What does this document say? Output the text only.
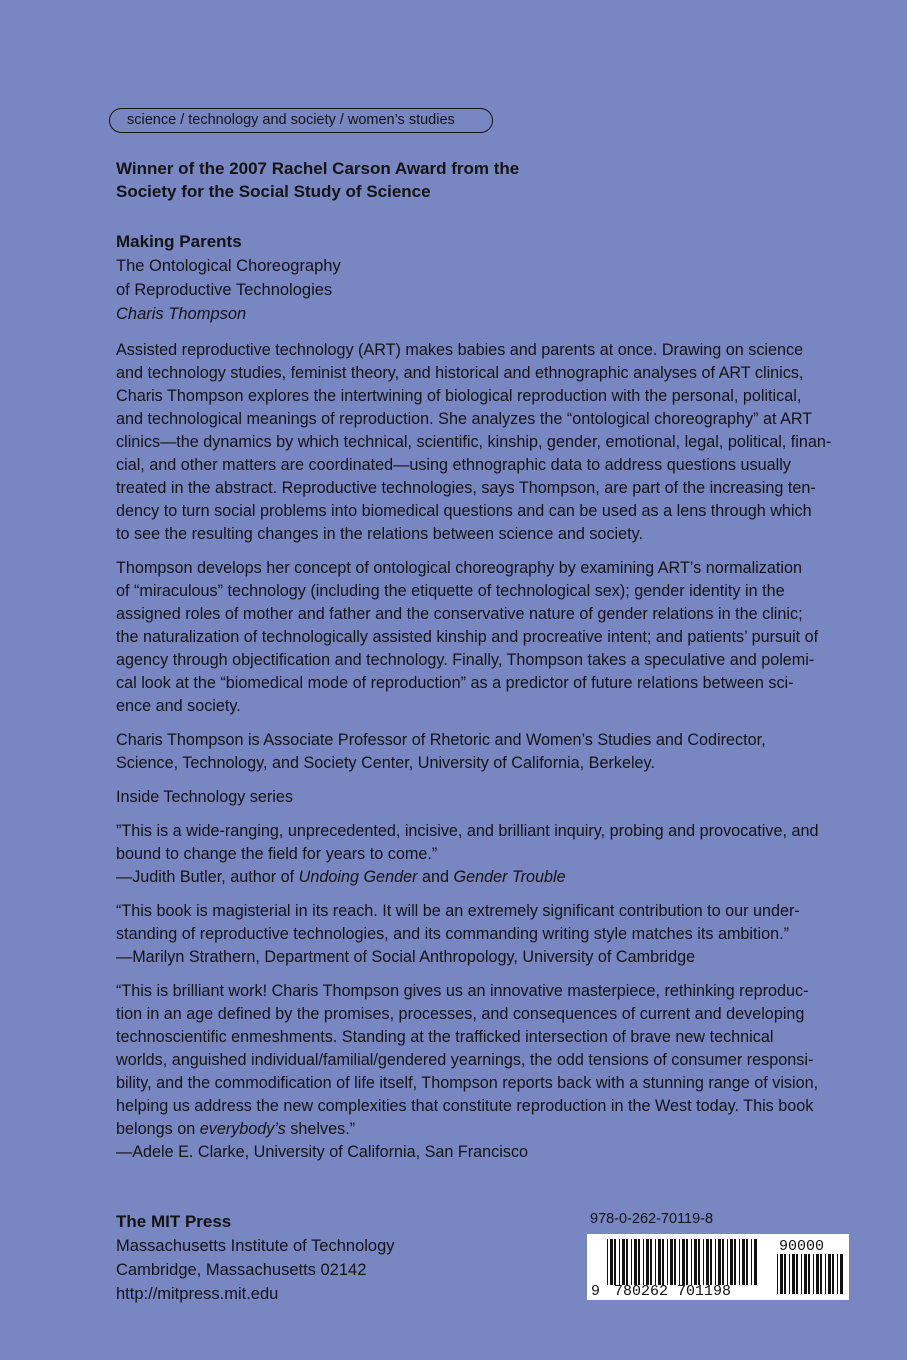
science / technology and society / women’s studies
Winner of the 2007 Rachel Carson Award from the
Society for the Social Study of Science
Making Parents
The Ontological Choreography
of Reproductive Technologies
Charis Thompson

Assisted reproductive technology (ART) makes babies and parents at once. Drawing on science
and technology studies, feminist theory, and historical and ethnographic analyses of ART clinics,
Charis Thompson explores the intertwining of biological reproduction with the personal, political,
and technological meanings of reproduction. She analyzes the “ontological choreography” at ART
clinics—the dynamics by which technical, scientific, kinship, gender, emotional, legal, political, finan-
cial, and other matters are coordinated—using ethnographic data to address questions usually
treated in the abstract. Reproductive technologies, says Thompson, are part of the increasing ten-
dency to turn social problems into biomedical questions and can be used as a lens through which
to see the resulting changes in the relations between science and society.

Thompson develops her concept of ontological choreography by examining ART’s normalization
of “miraculous” technology (including the etiquette of technological sex); gender identity in the
assigned roles of mother and father and the conservative nature of gender relations in the clinic;
the naturalization of technologically assisted kinship and procreative intent; and patients’ pursuit of
agency through objectification and technology. Finally, Thompson takes a speculative and polemi-
cal look at the “biomedical mode of reproduction” as a predictor of future relations between sci-
ence and society.

Charis Thompson is Associate Professor of Rhetoric and Women’s Studies and Codirector,
Science, Technology, and Society Center, University of California, Berkeley.

Inside Technology series

”This is a wide-ranging, unprecedented, incisive, and brilliant inquiry, probing and provocative, and
bound to change the field for years to come.”
—Judith Butler, author of Undoing Gender and Gender Trouble

“This book is magisterial in its reach. It will be an extremely significant contribution to our under-
standing of reproductive technologies, and its commanding writing style matches its ambition.”
—Marilyn Strathern, Department of Social Anthropology, University of Cambridge

“This is brilliant work! Charis Thompson gives us an innovative masterpiece, rethinking reproduc-
tion in an age defined by the promises, processes, and consequences of current and developing
technoscientific enmeshments. Standing at the trafficked intersection of brave new technical
worlds, anguished individual/familial/gendered yearnings, the odd tensions of consumer responsi-
bility, and the commodification of life itself, Thompson reports back with a stunning range of vision,
helping us address the new complexities that constitute reproduction in the West today. This book
belongs on everybody’s shelves.”
—Adele E. Clarke, University of California, San Francisco

The MIT Press
Massachusetts Institute of Technology
Cambridge, Massachusetts 02142
http://mitpress.mit.edu
978-0-262-70119-8
9 780262 701198
90000
